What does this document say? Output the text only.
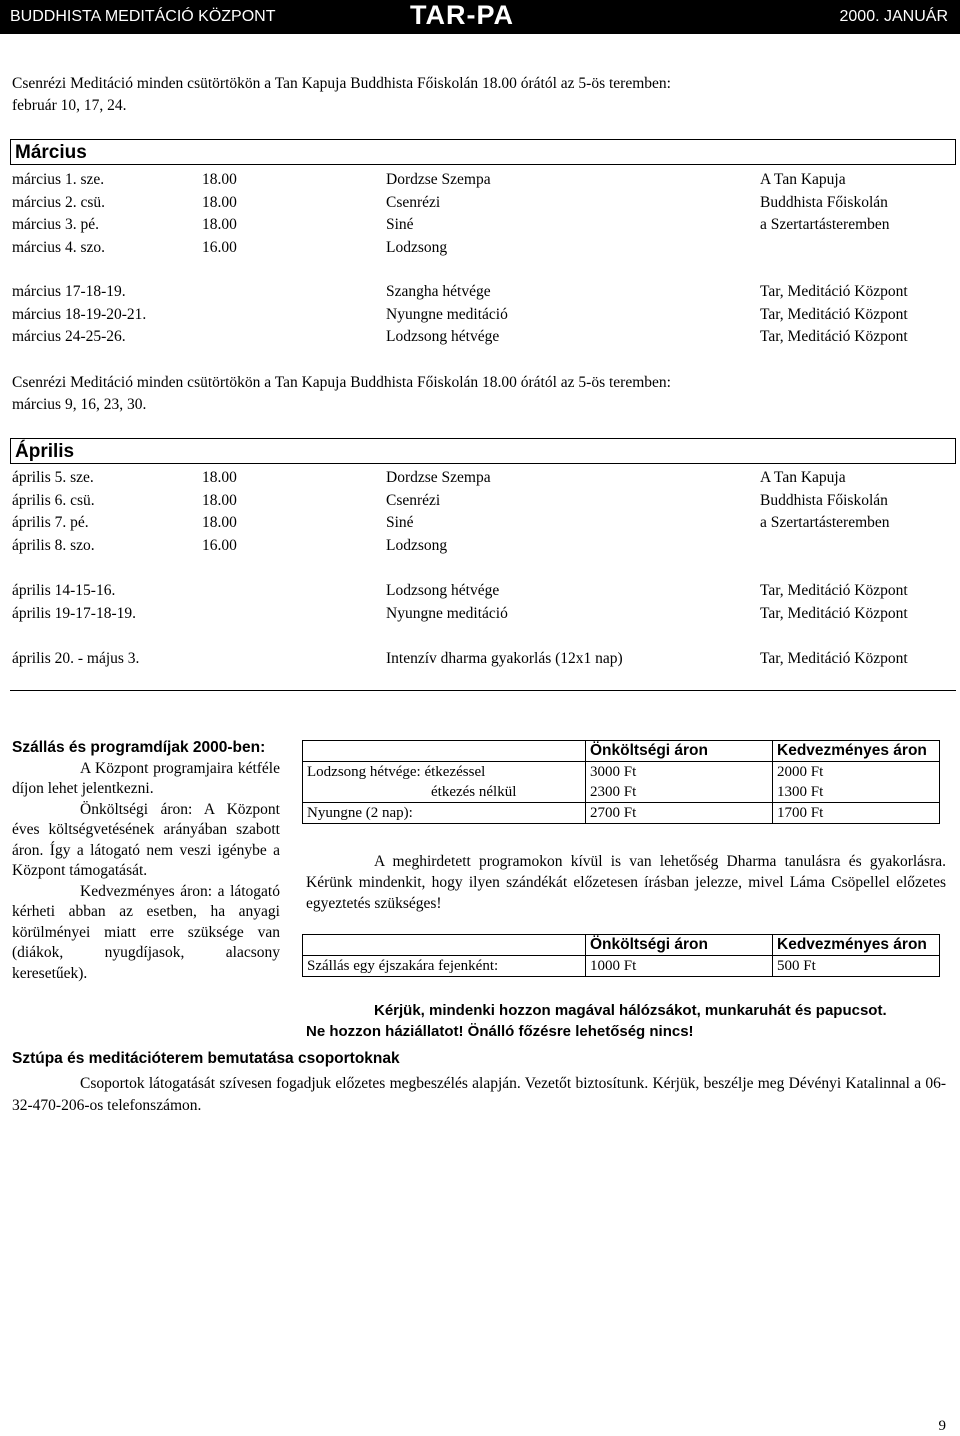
BUDDHISTA MEDITÁCIÓ KÖZPONT	TAR-PA	2000. JANUÁR
Csenrézi Meditáció minden csütörtökön a Tan Kapuja Buddhista Főiskolán 18.00 órától az 5-ös teremben:
február 10, 17, 24.
Március
március 1. sze.	18.00	Dordzse Szempa	A Tan Kapuja
március 2. csü.	18.00	Csenrézi	Buddhista Főiskolán
március 3. pé.	18.00	Siné	a Szertartásteremben
március 4. szo.	16.00	Lodzsong
március 17-18-19.	Szangha hétvége	Tar, Meditáció Központ
március 18-19-20-21.	Nyungne meditáció	Tar, Meditáció Központ
március 24-25-26.	Lodzsong hétvége	Tar, Meditáció Központ
Csenrézi Meditáció minden csütörtökön a Tan Kapuja Buddhista Főiskolán 18.00 órától az 5-ös teremben:
március 9, 16, 23, 30.
Április
április 5. sze.	18.00	Dordzse Szempa	A Tan Kapuja
április 6. csü.	18.00	Csenrézi	Buddhista Főiskolán
április 7. pé.	18.00	Siné	a Szertartásteremben
április 8. szo.	16.00	Lodzsong
április 14-15-16.	Lodzsong hétvége	Tar, Meditáció Központ
április 19-17-18-19.	Nyungne meditáció	Tar, Meditáció Központ
április 20. - május 3.	Intenzív dharma gyakorlás (12x1 nap)	Tar, Meditáció Központ
Szállás és programdíjak 2000-ben:

A Központ programjaira kétféle díjon lehet jelentkezni.

Önköltségi áron: A Központ éves költségvetésének arányában szabott áron. Így a látogató nem veszi igénybe a Központ támogatását.

Kedvezményes áron: a látogató kérheti abban az esetben, ha anyagi körülményei miatt erre szüksége van (diákok, nyugdíjasok, alacsony keresetűek).

	Önköltségi áron	Kedvezményes áron
Lodzsong hétvége: étkezéssel	3000 Ft	2000 Ft
étkezés nélkül	2300 Ft	1300 Ft
Nyungne (2 nap):	2700 Ft	1700 Ft

A meghirdetett programokon kívül is van lehetőség Dharma tanulásra és gyakorlásra. Kérünk mindenkit, hogy ilyen szándékát előzetesen írásban jelezze, mivel Láma Csöpellel előzetes egyeztetés szükséges!

	Önköltségi áron	Kedvezményes áron
Szállás egy éjszakára fejenként:	1000 Ft	500 Ft
Kérjük, mindenki hozzon magával hálózsákot, munkaruhát és papucsot.
Ne hozzon háziállatot! Önálló főzésre lehetőség nincs!
Sztúpa és meditációterem bemutatása csoportoknak
Csoportok látogatását szívesen fogadjuk előzetes megbeszélés alapján. Vezetőt biztosítunk. Kérjük, beszélje meg Dévényi Katalinnal a 06-32-470-206-os telefonszámon.
9
